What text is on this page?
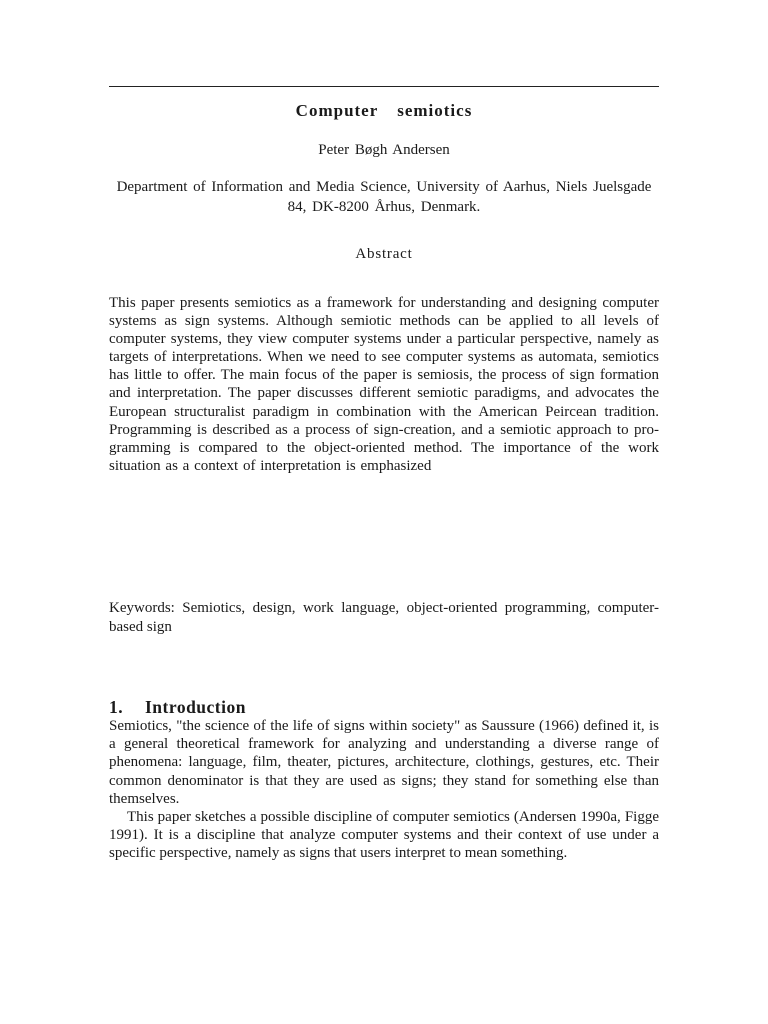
Computer semiotics
Peter Bøgh Andersen
Department of Information and Media Science, University of Aarhus, Niels Juelsgade 84, DK-8200 Århus, Denmark.
Abstract
This paper presents semiotics as a framework for understanding and designing computer systems as sign systems. Although semiotic methods can be applied to all levels of computer systems, they view computer systems under a particular perspective, namely as targets of interpretations. When we need to see computer systems as automata, semiotics has little to offer. The main focus of the paper is semiosis, the process of sign formation and interpretation. The paper discusses different semiotic paradigms, and advocates the European structuralist paradigm in combination with the American Peircean tradition. Programming is described as a process of sign-creation, and a semiotic approach to pro-gramming is compared to the object-oriented method. The importance of the work situation as a context of interpretation is emphasized
Keywords: Semiotics, design, work language, object-oriented programming, computer-based sign
1. Introduction

Semiotics, "the science of the life of signs within society" as Saussure (1966) defined it, is a general theoretical framework for analyzing and understanding a diverse range of phenomena: language, film, theater, pictures, architecture, clothings, gestures, etc. Their common denominator is that they are used as signs; they stand for something else than themselves.

This paper sketches a possible discipline of computer semiotics (Andersen 1990a, Figge 1991). It is a discipline that analyze computer systems and their context of use under a specific perspective, namely as signs that users interpret to mean something.
